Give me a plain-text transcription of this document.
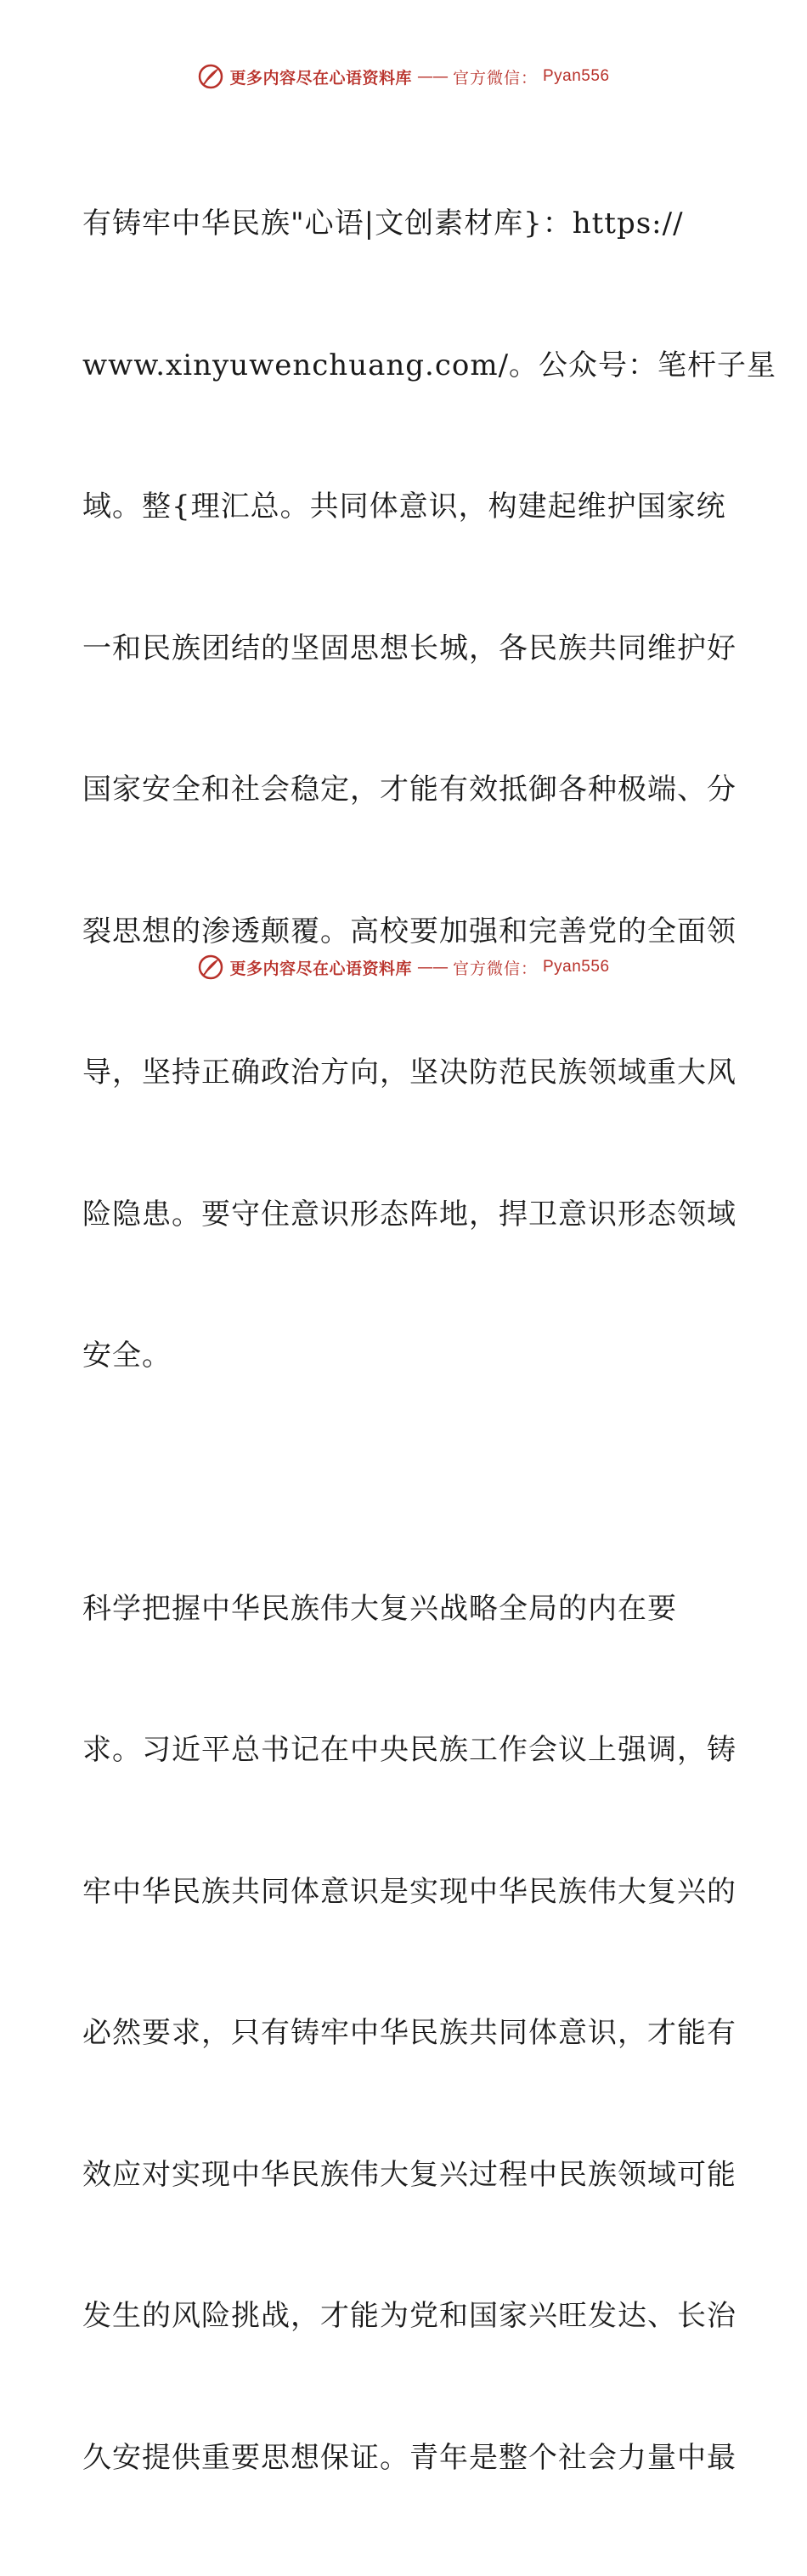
更多内容尽在心语资料库 —— 官方微信： Pyan556

有铸牢中华民族"心语|文创素材库}：https://

www.xinyuwenchuang.com/。公众号：笔杆子星

域。整{理汇总。共同体意识，构建起维护国家统

一和民族团结的坚固思想长城，各民族共同维护好

国家安全和社会稳定，才能有效抵御各种极端、分

裂思想的渗透颠覆。高校要加强和完善党的全面领

导，坚持正确政治方向，坚决防范民族领域重大风

险隐患。要守住意识形态阵地，捍卫意识形态领域

安全。

科学把握中华民族伟大复兴战略全局的内在要

求。习近平总书记在中央民族工作会议上强调，铸

牢中华民族共同体意识是实现中华民族伟大复兴的

必然要求，只有铸牢中华民族共同体意识，才能有

效应对实现中华民族伟大复兴过程中民族领域可能

发生的风险挑战，才能为党和国家兴旺发达、长治

久安提供重要思想保证。青年是整个社会力量中最

更多内容尽在心语资料库 —— 官方微信： Pyan556
